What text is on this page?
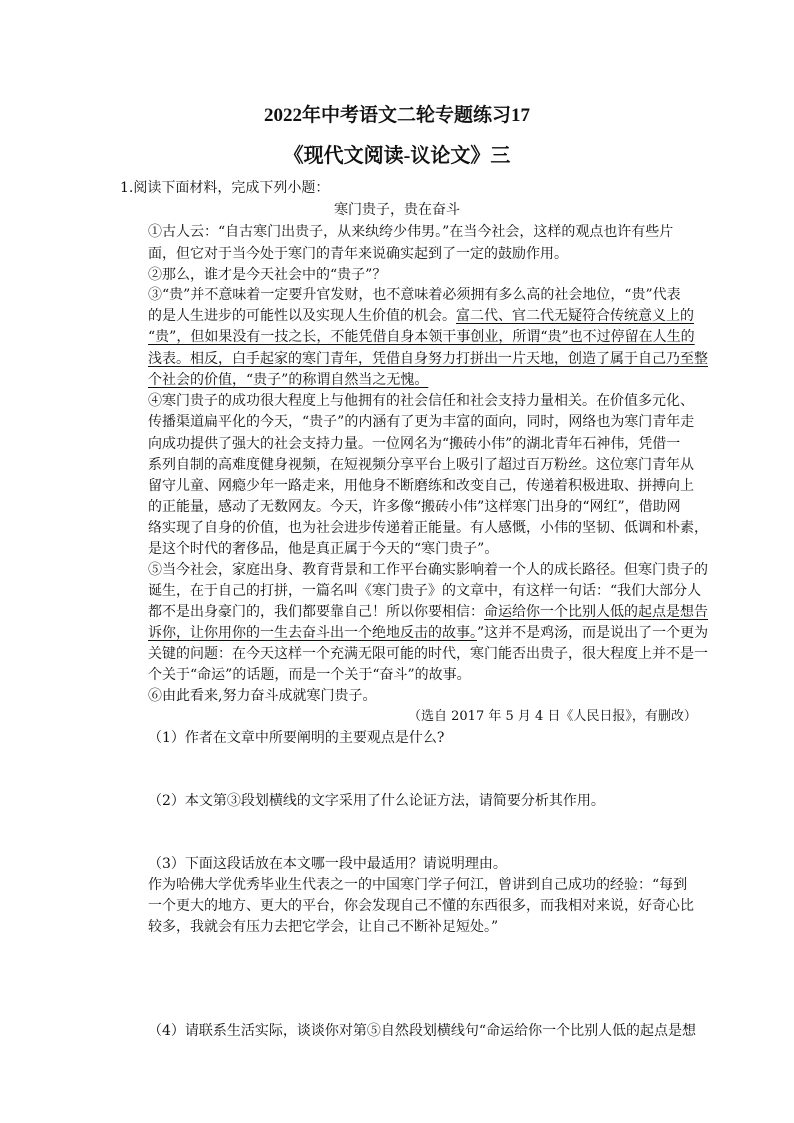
2022年中考语文二轮专题练习17
《现代文阅读-议论文》三
1.阅读下面材料，完成下列小题：
寒门贵子，贵在奋斗
①古人云：“自古寒门出贵子，从来纨绔少伟男。”在当今社会，这样的观点也许有些片
面，但它对于当今处于寒门的青年来说确实起到了一定的鼓励作用。
②那么，谁才是今天社会中的“贵子”？
③“贵”并不意味着一定要升官发财，也不意味着必须拥有多么高的社会地位，“贵”代表
的是人生进步的可能性以及实现人生价值的机会。富二代、官二代无疑符合传统意义上的
“贵”，但如果没有一技之长，不能凭借自身本领干事创业，所谓“贵”也不过停留在人生的
浅表。相反，白手起家的寒门青年，凭借自身努力打拼出一片天地，创造了属于自己乃至整
个社会的价值，“贵子”的称谓自然当之无愧。
④寒门贵子的成功很大程度上与他拥有的社会信任和社会支持力量相关。在价值多元化、
传播渠道扁平化的今天，“贵子”的内涵有了更为丰富的面向，同时，网络也为寒门青年走
向成功提供了强大的社会支持力量。一位网名为“搬砖小伟”的湖北青年石神伟，凭借一
系列自制的高难度健身视频，在短视频分享平台上吸引了超过百万粉丝。这位寒门青年从
留守儿童、网瘾少年一路走来，用他身不断磨练和改变自己，传递着积极进取、拼搏向上
的正能量，感动了无数网友。今天，许多像“搬砖小伟”这样寒门出身的“网红”，借助网
络实现了自身的价值，也为社会进步传递着正能量。有人感慨，小伟的坚韧、低调和朴素，
是这个时代的奢侈品，他是真正属于今天的“寒门贵子”。
⑤当今社会，家庭出身、教育背景和工作平台确实影响着一个人的成长路径。但寒门贵子的
诞生，在于自己的打拼，一篇名叫《寒门贵子》的文章中，有这样一句话：“我们大部分人
都不是出身豪门的，我们都要靠自己！所以你要相信：命运给你一个比别人低的起点是想告
诉你，让你用你的一生去奋斗出一个绝地反击的故事。”这并不是鸡汤，而是说出了一个更为
关键的问题：在今天这样一个充满无限可能的时代，寒门能否出贵子，很大程度上并不是一
个关于“命运”的话题，而是一个关于“奋斗”的故事。
⑥由此看来,努力奋斗成就寒门贵子。
（选自 2017 年 5 月 4 日《人民日报》，有删改）
（1）作者在文章中所要阐明的主要观点是什么?
（2）本文第③段划横线的文字采用了什么论证方法，请简要分析其作用。
（3）下面这段话放在本文哪一段中最适用？请说明理由。
作为哈佛大学优秀毕业生代表之一的中国寒门学子何江，曾讲到自己成功的经验：“每到
一个更大的地方、更大的平台，你会发现自己不懂的东西很多，而我相对来说，好奇心比
较多，我就会有压力去把它学会，让自己不断补足短处。”
（4）请联系生活实际，谈谈你对第⑤自然段划横线句“命运给你一个比别人低的起点是想
